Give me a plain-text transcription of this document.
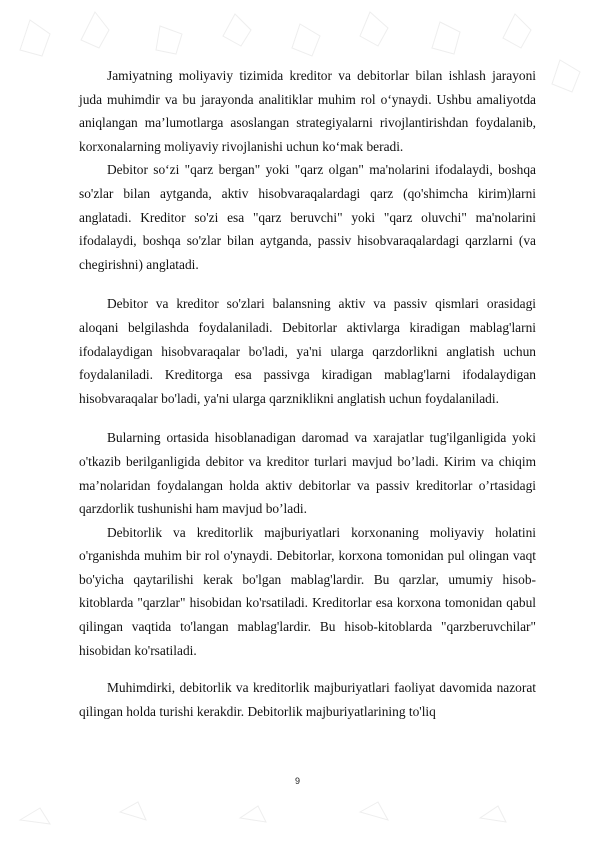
Jamiyatning moliyaviy tizimida kreditor va debitorlar bilan ishlash jarayoni juda muhimdir va bu jarayonda analitiklar muhim rol o‘ynaydi. Ushbu amaliyotda aniqlangan ma’lumotlarga asoslangan strategiyalarni rivojlantirishdan foydalanib, korxonalarning moliyaviy rivojlanishi uchun ko‘mak beradi.

Debitor so‘zi "qarz bergan" yoki "qarz olgan" ma'nolarini ifodalaydi, boshqa so'zlar bilan aytganda, aktiv hisobvaraqalardagi qarz (qo'shimcha kirim)larni anglatadi. Kreditor so'zi esa "qarz beruvchi" yoki "qarz oluvchi" ma'nolarini ifodalaydi, boshqa so'zlar bilan aytganda, passiv hisobvaraqalardagi qarzlarni (va chegirishni) anglatadi.

Debitor va kreditor so'zlari balansning aktiv va passiv qismlari orasidagi aloqani belgilashda foydalaniladi. Debitorlar aktivlarga kiradigan mablag'larni ifodalaydigan hisobvaraqalar bo'ladi, ya'ni ularga qarzdorlikni anglatish uchun foydalaniladi. Kreditorga esa passivga kiradigan mablag'larni ifodalaydigan hisobvaraqalar bo'ladi, ya'ni ularga qarzniklikni anglatish uchun foydalaniladi.

Bularning ortasida hisoblanadigan daromad va xarajatlar tug'ilganligida yoki o'tkazib berilganligida debitor va kreditor turlari mavjud bo’ladi. Kirim va chiqim ma’nolaridan foydalangan holda aktiv debitorlar va passiv kreditorlar o’rtasidagi qarzdorlik tushunishi ham mavjud bo’ladi.

Debitorlik va kreditorlik majburiyatlari korxonaning moliyaviy holatini o'rganishda muhim bir rol o'ynaydi. Debitorlar, korxona tomonidan pul olingan vaqt bo'yicha qaytarilishi kerak bo'lgan mablag'lardir. Bu qarzlar, umumiy hisob-kitoblarda "qarzlar" hisobidan ko'rsatiladi. Kreditorlar esa korxona tomonidan qabul qilingan vaqtida to'langan mablag'lardir. Bu hisob-kitoblarda "qarzberuvchilar" hisobidan ko'rsatiladi.

Muhimdirki, debitorlik va kreditorlik majburiyatlari faoliyat davomida nazorat qilingan holda turishi kerakdir. Debitorlik majburiyatlarining to'liq

9
